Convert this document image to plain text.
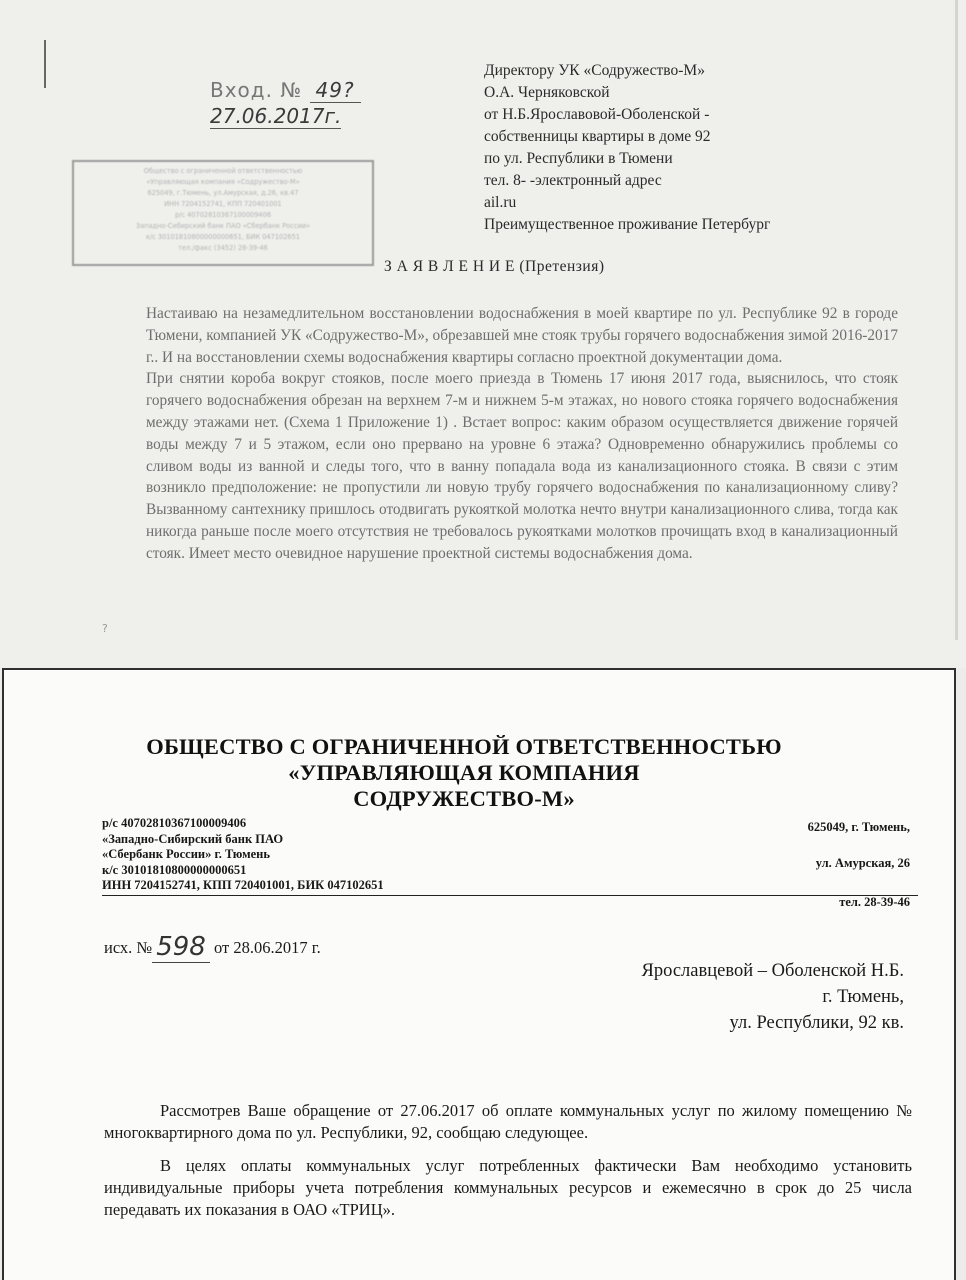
Вход. № 49?
27.06.2017г.
Общество с ограниченной ответственностью
«Управляющая компания «Содружество-М»
625049, г.Тюмень, ул.Амурская, д.26, кв.47
ИНН 7204152741, КПП 720401001
р/с 40702810367100009406
Западно-Сибирский банк ПАО «Сбербанк России»
к/с 30101810800000000651, БИК 047102651
тел./факс (3452) 28-39-46
Директору УК «Содружество-М»
О.А. Черняковской
от Н.Б.Ярославовой-Оболенской -
собственницы квартиры в доме 92
по ул. Республики в Тюмени
тел. 8- -электронный адрес
ail.ru
Преимущественное проживание Петербург
З А Я В Л Е Н И Е (Претензия)

Настаиваю на незамедлительном восстановлении водоснабжения в моей квартире по ул. Республике 92 в городе Тюмени, компанией УК «Содружество-М», обрезавшей мне стояк трубы горячего водоснабжения зимой 2016-2017 г.. И на восстановлении схемы водоснабжения квартиры согласно проектной документации дома.

При снятии короба вокруг стояков, после моего приезда в Тюмень 17 июня 2017 года, выяснилось, что стояк горячего водоснабжения обрезан на верхнем 7-м и нижнем 5-м этажах, но нового стояка горячего водоснабжения между этажами нет. (Схема 1 Приложение 1) . Встает вопрос: каким образом осуществляется движение горячей воды между 7 и 5 этажом, если оно прервано на уровне 6 этажа? Одновременно обнаружились проблемы со сливом воды из ванной и следы того, что в ванну попадала вода из канализационного стояка. В связи с этим возникло предположение: не пропустили ли новую трубу горячего водоснабжения по канализационному сливу? Вызванному сантехнику пришлось отодвигать рукояткой молотка нечто внутри канализационного слива, тогда как никогда раньше после моего отсутствия не требовалось рукоятками молотков прочищать вход в канализационный стояк. Имеет место очевидное нарушение проектной системы водоснабжения дома.

?
ОБЩЕСТВО С ОГРАНИЧЕННОЙ ОТВЕТСТВЕННОСТЬЮ
«УПРАВЛЯЮЩАЯ КОМПАНИЯ
СОДРУЖЕСТВО-М»
р/с 40702810367100009406
«Западно-Сибирский банк ПАО
«Сбербанк России» г. Тюмень
к/с 30101810800000000651
ИНН 7204152741, КПП 720401001, БИК 047102651
625049, г. Тюмень,
ул. Амурская, 26
тел. 28-39-46
исх. № 598 от 28.06.2017 г.
Ярославцевой – Оболенской Н.Б.
г. Тюмень,
ул. Республики, 92 кв.

Рассмотрев Ваше обращение от 27.06.2017 об оплате коммунальных услуг по жилому помещению № многоквартирного дома по ул. Республики, 92, сообщаю следующее.

В целях оплаты коммунальных услуг потребленных фактически Вам необходимо установить индивидуальные приборы учета потребления коммунальных ресурсов и ежемесячно в срок до 25 числа передавать их показания в ОАО «ТРИЦ».
